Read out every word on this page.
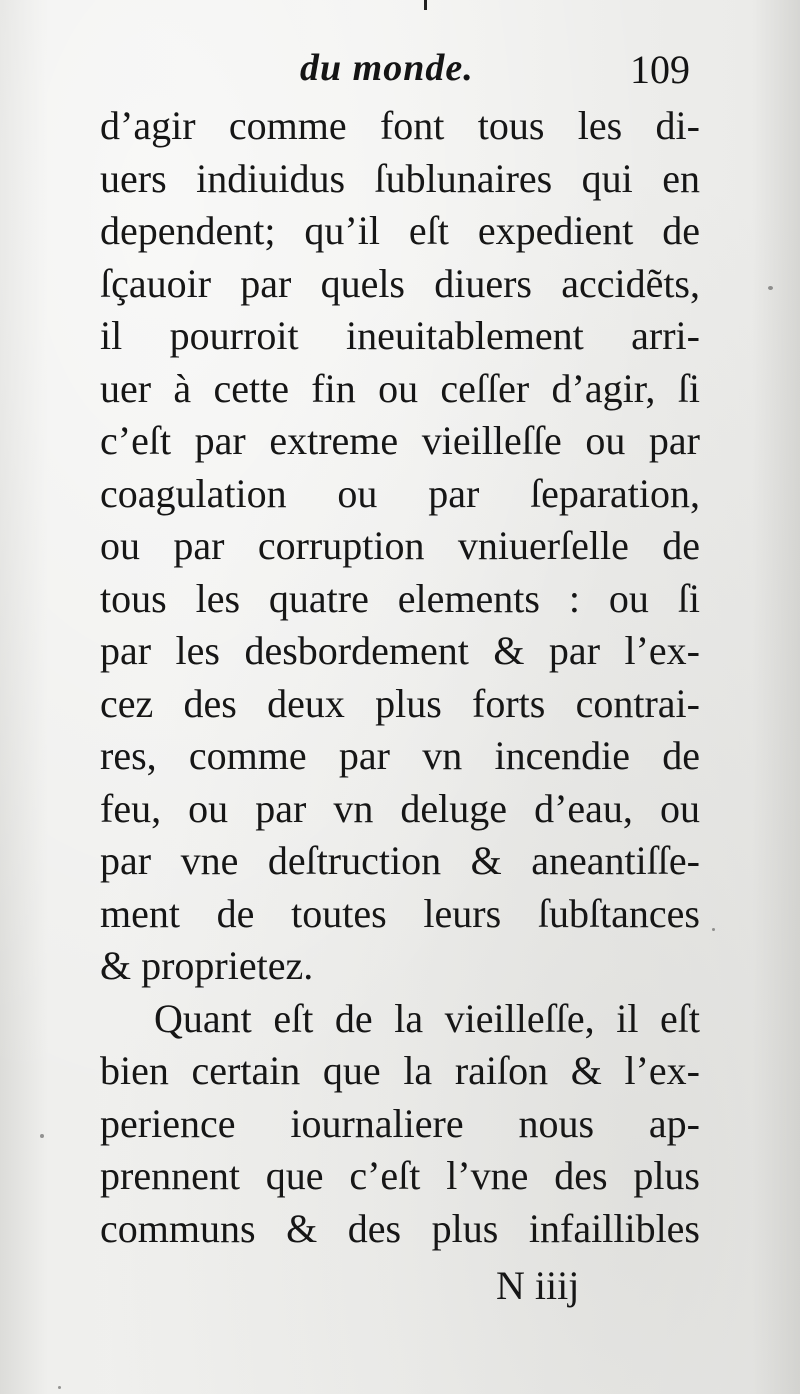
du monde.	109
d’agir comme font tous les di-
uers indiuidus ſublunaires qui en
dependent; qu’il eſt expedient de
ſçauoir par quels diuers accidẽts,
il pourroit ineuitablement arri-
uer à cette fin ou ceſſer d’agir, ſi
c’eſt par extreme vieilleſſe ou par
coagulation ou par ſeparation,
ou par corruption vniuerſelle de
tous les quatre elements : ou ſi
par les desbordement & par l’ex-
cez des deux plus forts contrai-
res, comme par vn incendie de
feu, ou par vn deluge d’eau, ou
par vne deſtruction & aneantiſſe-
ment de toutes leurs ſubſtances
& proprietez.
Quant eſt de la vieilleſſe, il eſt
bien certain que la raiſon & l’ex-
perience iournaliere nous ap-
prennent que c’eſt l’vne des plus
communs & des plus infaillibles
N iiij
